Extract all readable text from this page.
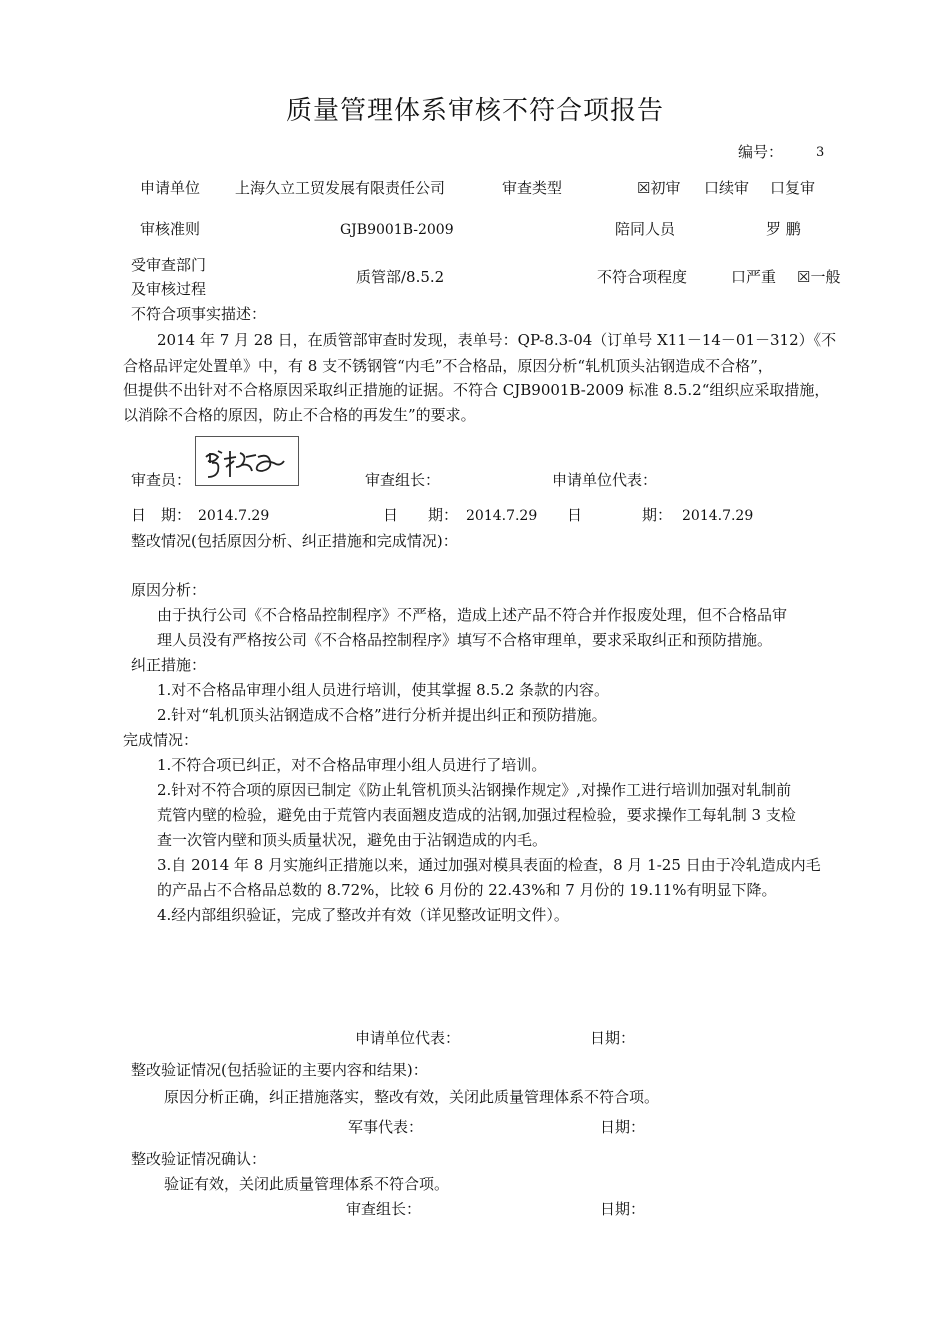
质量管理体系审核不符合项报告
编号：	3
申请单位 上海久立工贸发展有限责任公司	审查类型	☒初审 口续审 口复审
审核准则	GJB9001B-2009	陪同人员	罗 鹏
受审查部门
及审核过程
质管部/8.5.2	不符合项程度	口严重 ☒一般
不符合项事实描述：
2014 年 7 月 28 日，在质管部审查时发现，表单号：QP-8.3-04（订单号 X11－14－01－312）《不
合格品评定处置单》中，有 8 支不锈钢管“内毛”不合格品，原因分析“轧机顶头沾钢造成不合格”，
但提供不出针对不合格原因采取纠正措施的证据。不符合 CJB9001B-2009 标准 8.5.2“组织应采取措施，
以消除不合格的原因，防止不合格的再发生”的要求。
审查员：	审查组长：	申请单位代表：
日　期： 2014.7.29	日　　期： 2014.7.29 日　　　　期： 2014.7.29
整改情况(包括原因分析、纠正措施和完成情况)：
原因分析：
由于执行公司《不合格品控制程序》不严格，造成上述产品不符合并作报废处理，但不合格品审
理人员没有严格按公司《不合格品控制程序》填写不合格审理单，要求采取纠正和预防措施。
纠正措施：
1.对不合格品审理小组人员进行培训，使其掌握 8.5.2 条款的内容。
2.针对“轧机顶头沾钢造成不合格”进行分析并提出纠正和预防措施。
完成情况：
1.不符合项已纠正，对不合格品审理小组人员进行了培训。
2.针对不符合项的原因已制定《防止轧管机顶头沾钢操作规定》,对操作工进行培训加强对轧制前
荒管内壁的检验，避免由于荒管内表面翘皮造成的沾钢,加强过程检验，要求操作工每轧制 3 支检
查一次管内壁和顶头质量状况，避免由于沾钢造成的内毛。
3.自 2014 年 8 月实施纠正措施以来，通过加强对模具表面的检查，8 月 1-25 日由于冷轧造成内毛
的产品占不合格品总数的 8.72%，比较 6 月份的 22.43%和 7 月份的 19.11%有明显下降。
4.经内部组织验证，完成了整改并有效（详见整改证明文件）。
申请单位代表：	日期：
整改验证情况(包括验证的主要内容和结果)：
原因分析正确，纠正措施落实，整改有效，关闭此质量管理体系不符合项。
军事代表：	日期：
整改验证情况确认：
验证有效，关闭此质量管理体系不符合项。
审查组长：	日期：
